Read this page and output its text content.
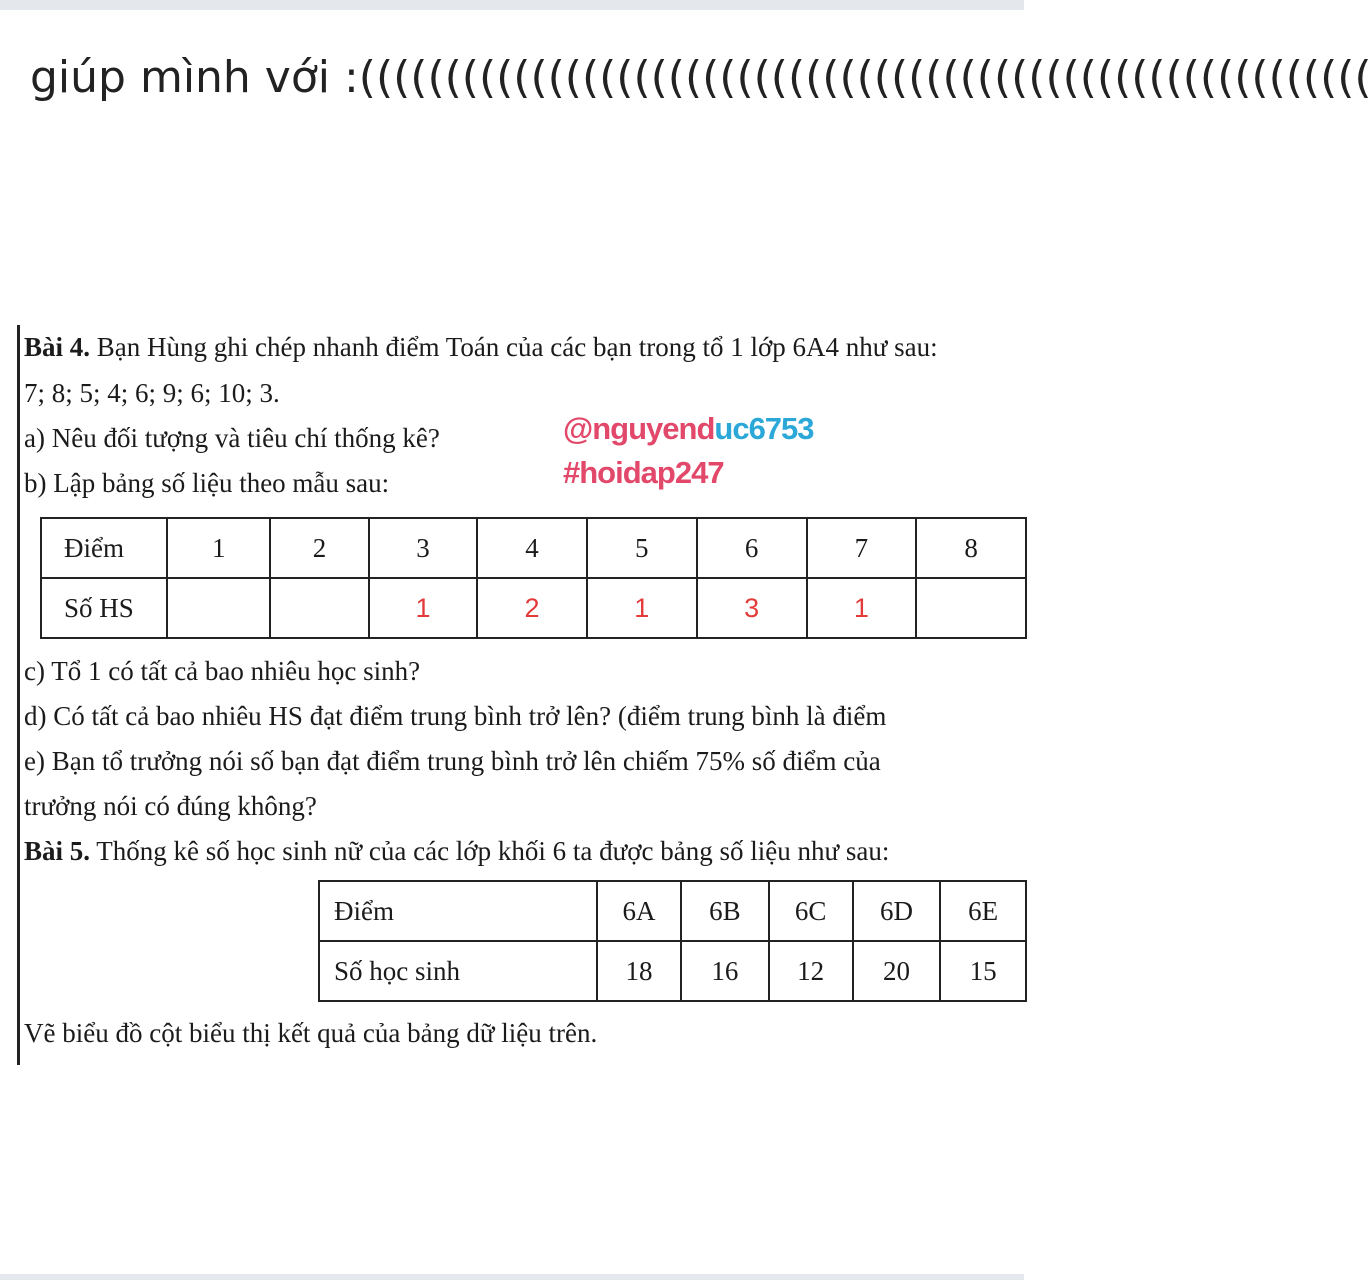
giúp mình với :(((((((((((((((((((((((((((((((((((((((((((((((((((((((((((
Bài 4. Bạn Hùng ghi chép nhanh điểm Toán của các bạn trong tổ 1 lớp 6A4 như sau:
7; 8; 5; 4; 6; 9; 6; 10; 3.
a) Nêu đối tượng và tiêu chí thống kê?
b) Lập bảng số liệu theo mẫu sau:
@nguyenduc6753
#hoidap247
Điểm	1	2	3	4	5	6	7	8
Số HS			1	2	1	3	1	
c) Tổ 1 có tất cả bao nhiêu học sinh?
d) Có tất cả bao nhiêu HS đạt điểm trung bình trở lên? (điểm trung bình là điểm
e) Bạn tổ trưởng nói số bạn đạt điểm trung bình trở lên chiếm 75% số điểm của
trưởng nói có đúng không?
Bài 5. Thống kê số học sinh nữ của các lớp khối 6 ta được bảng số liệu như sau:
Điểm	6A	6B	6C	6D	6E
Số học sinh	18	16	12	20	15
Vẽ biểu đồ cột biểu thị kết quả của bảng dữ liệu trên.
